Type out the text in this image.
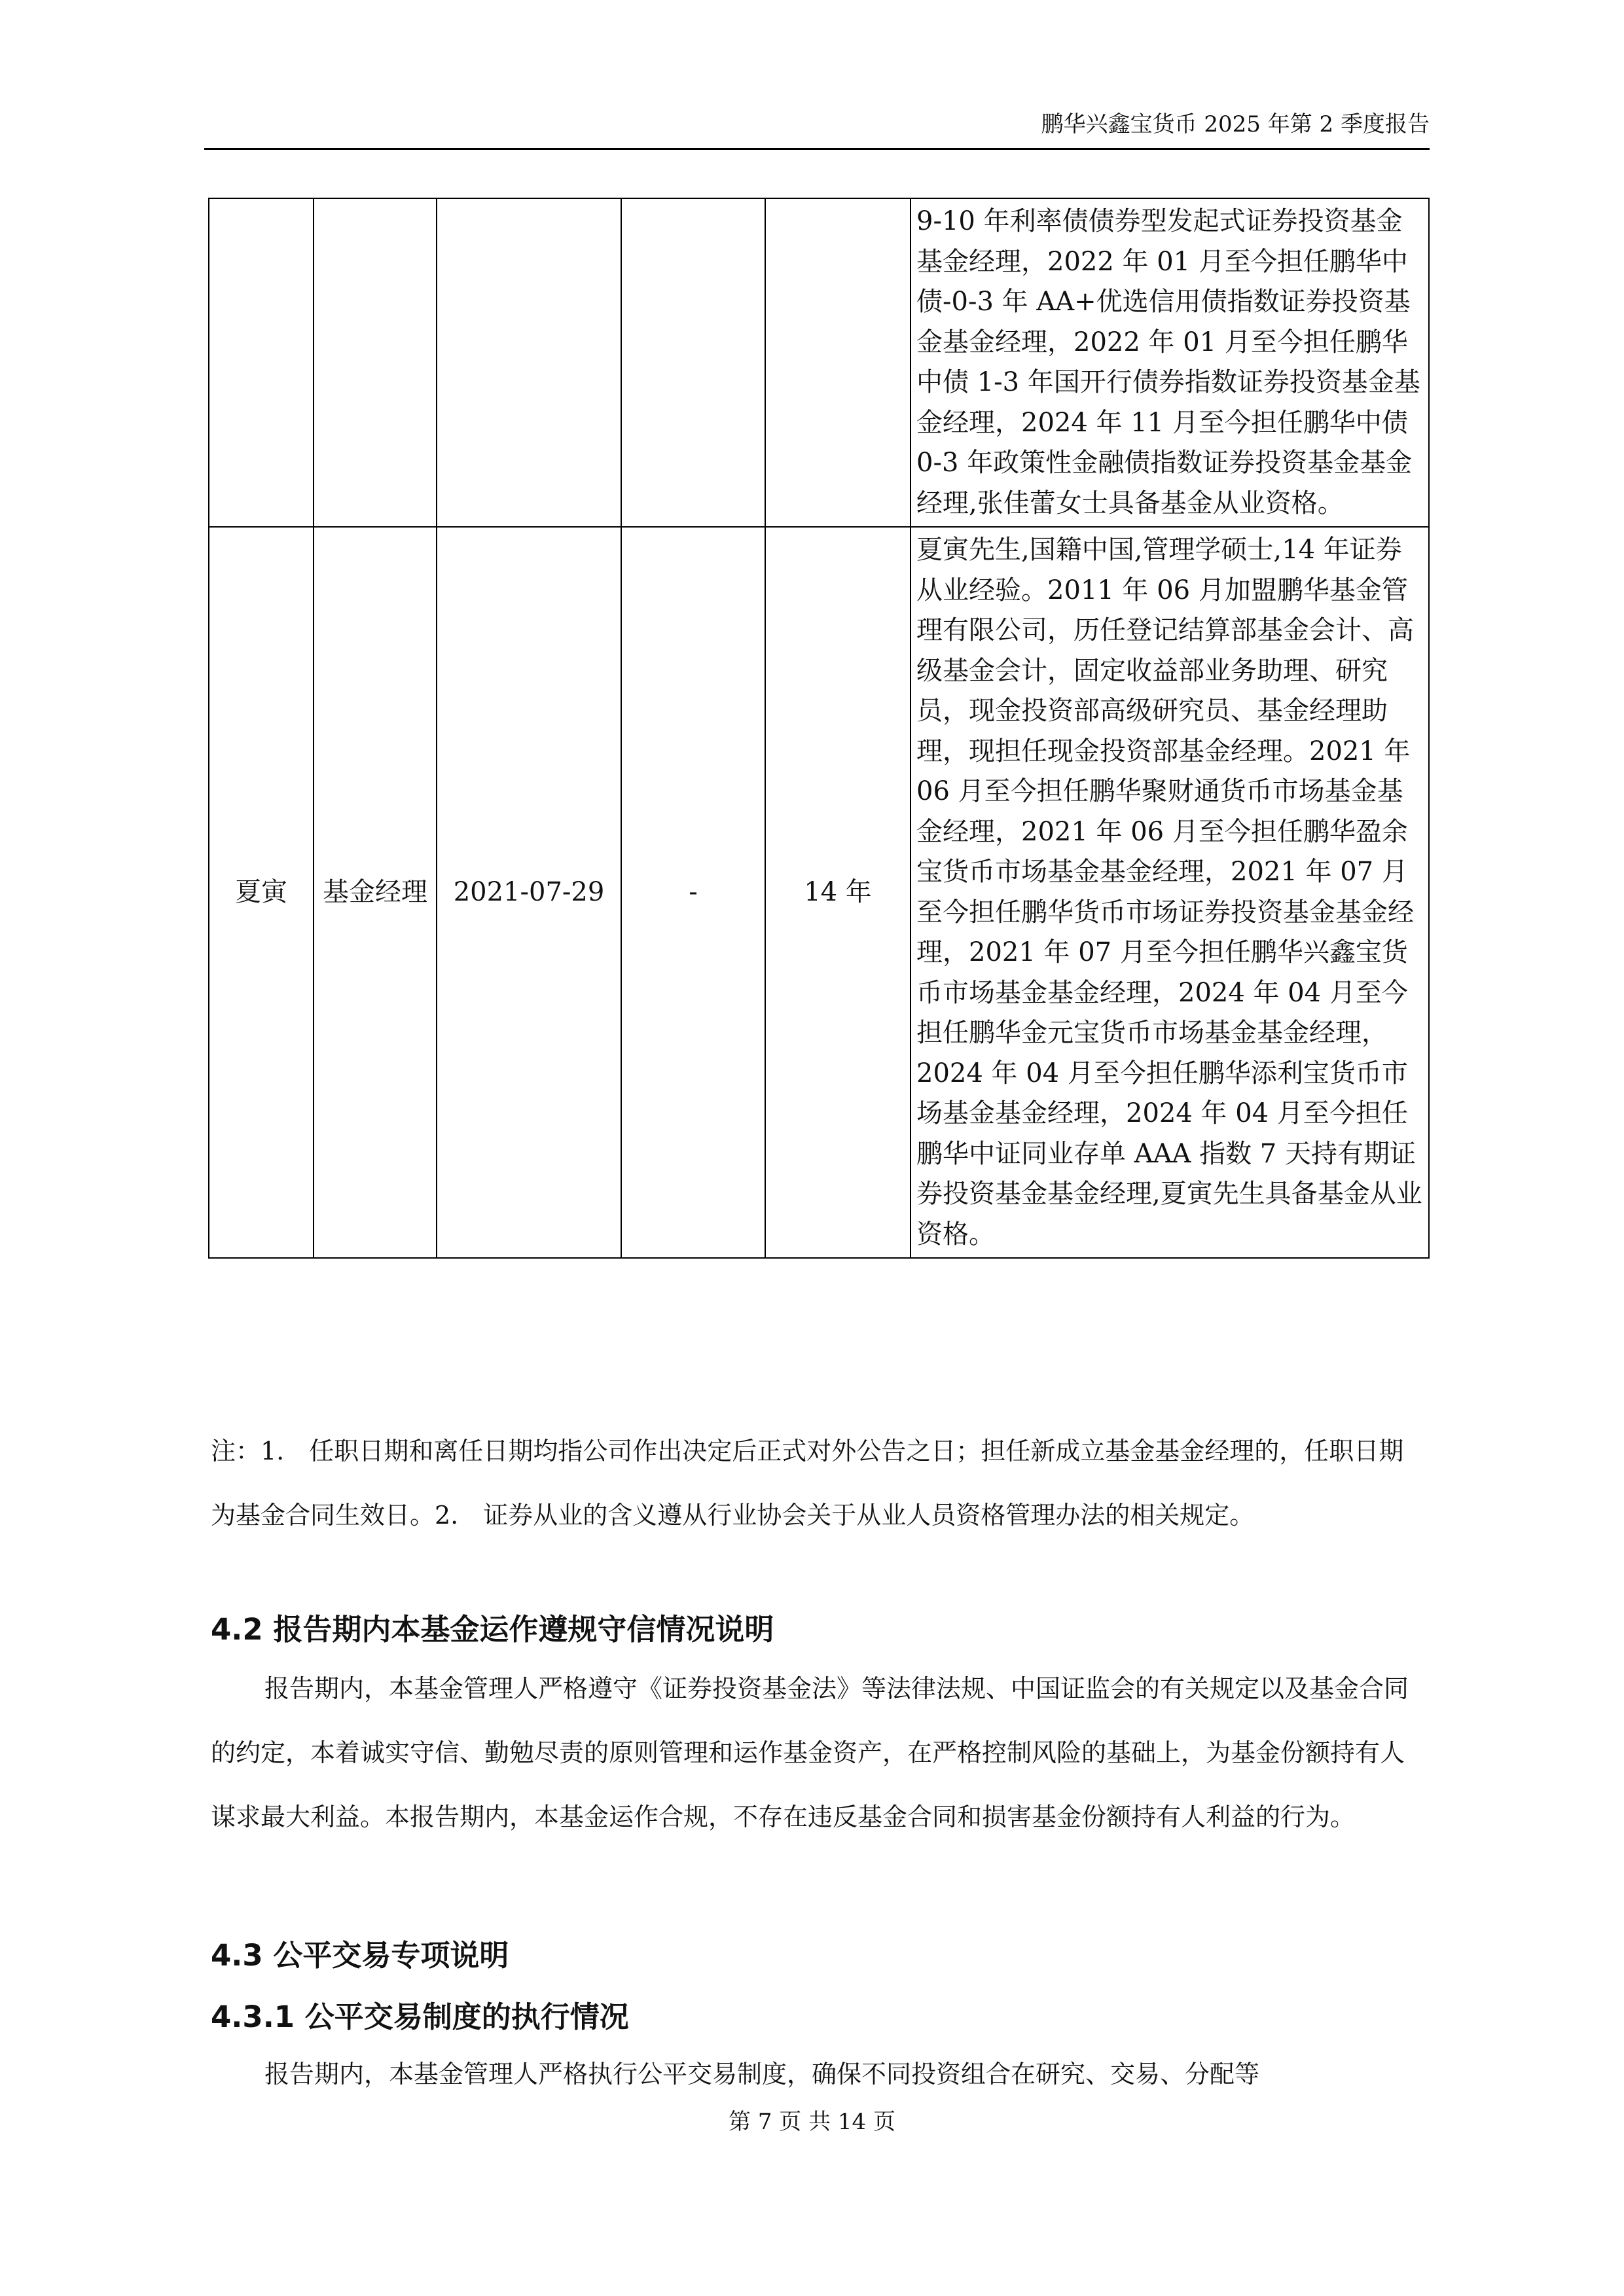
鹏华兴鑫宝货币 2025 年第 2 季度报告
					9-10 年利率债债券型发起式证券投资基金基金经理，2022 年 01 月至今担任鹏华中债-0-3 年 AA+优选信用债指数证券投资基金基金经理，2022 年 01 月至今担任鹏华中债 1-3 年国开行债券指数证券投资基金基金经理，2024 年 11 月至今担任鹏华中债 0-3 年政策性金融债指数证券投资基金基金经理,张佳蕾女士具备基金从业资格。
夏寅	基金经理	2021-07-29	-	14 年	夏寅先生,国籍中国,管理学硕士,14 年证券从业经验。2011 年 06 月加盟鹏华基金管理有限公司，历任登记结算部基金会计、高级基金会计，固定收益部业务助理、研究员，现金投资部高级研究员、基金经理助理，现担任现金投资部基金经理。2021 年 06 月至今担任鹏华聚财通货币市场基金基金经理，2021 年 06 月至今担任鹏华盈余宝货币市场基金基金经理，2021 年 07 月至今担任鹏华货币市场证券投资基金基金经理，2021 年 07 月至今担任鹏华兴鑫宝货币市场基金基金经理，2024 年 04 月至今担任鹏华金元宝货币市场基金基金经理，2024 年 04 月至今担任鹏华添利宝货币市场基金基金经理，2024 年 04 月至今担任鹏华中证同业存单 AAA 指数 7 天持有期证券投资基金基金经理,夏寅先生具备基金从业资格。

注：1.　任职日期和离任日期均指公司作出决定后正式对外公告之日；担任新成立基金基金经理的，任职日期为基金合同生效日。2.　证券从业的含义遵从行业协会关于从业人员资格管理办法的相关规定。

4.2 报告期内本基金运作遵规守信情况说明

报告期内，本基金管理人严格遵守《证券投资基金法》等法律法规、中国证监会的有关规定以及基金合同的约定，本着诚实守信、勤勉尽责的原则管理和运作基金资产，在严格控制风险的基础上，为基金份额持有人谋求最大利益。本报告期内，本基金运作合规，不存在违反基金合同和损害基金份额持有人利益的行为。

4.3 公平交易专项说明
4.3.1 公平交易制度的执行情况

报告期内，本基金管理人严格执行公平交易制度，确保不同投资组合在研究、交易、分配等

第 7 页 共 14 页
